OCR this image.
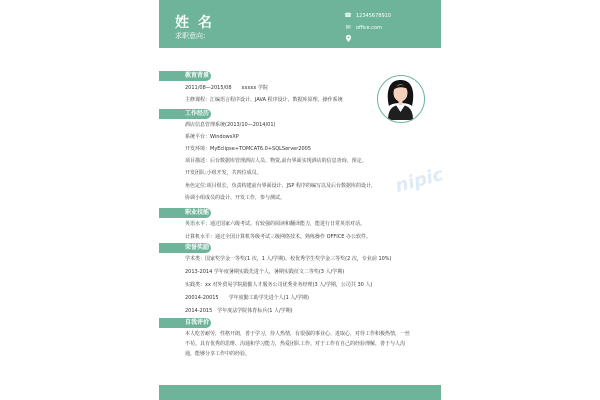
姓 名
求职意向:
☎ 12345678910
✉ office.com
nipic
教育背景
2011/08—2015/08　　xxxxx 学院
主修课程：汇编语言程序设计、JAVA 程序设计、数据库原理、操作系统
工作经历
酒店信息管理系统(2013/10—2014/01)
系统平台：WindowsXP
开发环境：MyEclipse+TOMCAT6.0+SQLServer2005
项目描述：后台数据库管理酒店人员、物资,前台界面实现酒店的信息查询、预定。
开发团队:小组开发，共四位成员。
角色定位:项目组长，负责构建前台界面设计、JSP 程序的编写以及后台数据库的设计，
协调小组成员的设计、开发工作，参与测试。
职业技能
英语水平：通过国家六级考试。有较强的阅读和翻译能力，能进行日常英语对话。
计算机水平：通过全国计算机等级考试三级网络技术。熟练操作 OFFICE 办公软件。
荣誉奖励
学术类：国家奖学金一等奖(1 次，1 人/学期)、校优秀学生奖学金三等奖(2 次，专业前 10%)
2013-2014 学年度暑期实践先进个人，暑期实践征文二等奖(3 人/学期)
实践类：xx 对外贸易学院励勤人才服务公司优秀业务经理(3 人/学期，公司共 30 人)
20014-20015　　学年度勤工助学先进个人(1 人/学期)
2014-2015　学年度法学院体育标兵(1 人/学期)
自我评价
本人吃苦耐劳，性格开朗，善于学习，待人热情，有很强的事业心、进取心，对待工作积极热情，一丝
不苟。具有优秀的思维、沟通和学习能力，热爱团队工作。对于工作有自己的经验理解，善于与人沟
通，能够分享工作中的经验。
